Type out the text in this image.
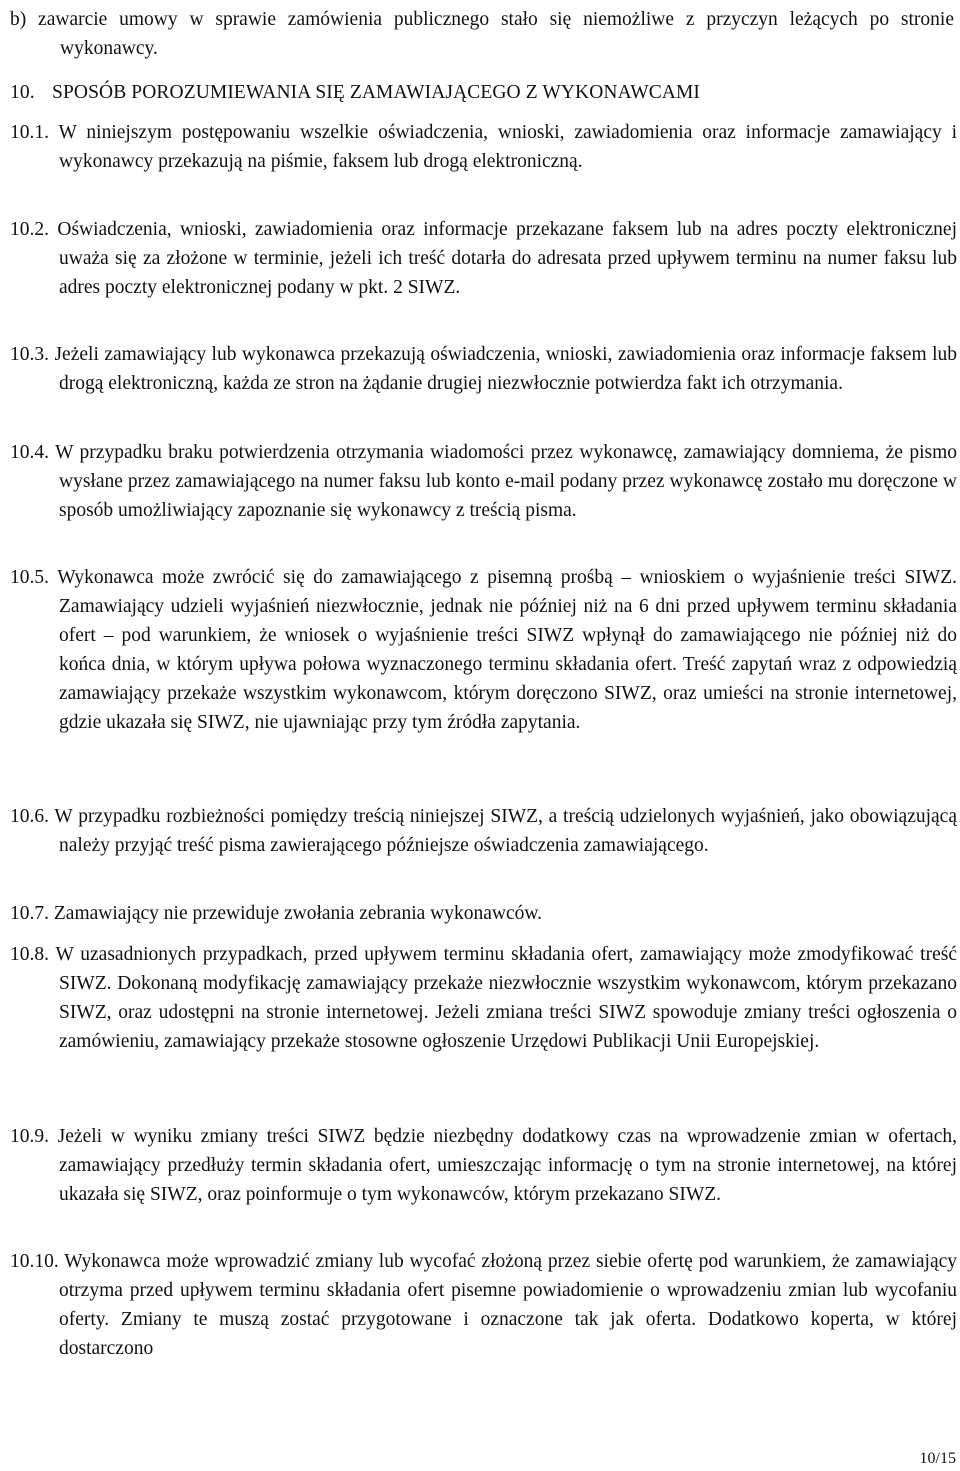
b) zawarcie umowy w sprawie zamówienia publicznego stało się niemożliwe z przyczyn leżących po stronie wykonawcy.

10. SPOSÓB POROZUMIEWANIA SIĘ ZAMAWIAJĄCEGO Z WYKONAWCAMI

10.1. W niniejszym postępowaniu wszelkie oświadczenia, wnioski, zawiadomienia oraz informacje zamawiający i wykonawcy przekazują na piśmie, faksem lub drogą elektroniczną.

10.2. Oświadczenia, wnioski, zawiadomienia oraz informacje przekazane faksem lub na adres poczty elektronicznej uważa się za złożone w terminie, jeżeli ich treść dotarła do adresata przed upływem terminu na numer faksu lub adres poczty elektronicznej podany w pkt. 2 SIWZ.

10.3. Jeżeli zamawiający lub wykonawca przekazują oświadczenia, wnioski, zawiadomienia oraz informacje faksem lub drogą elektroniczną, każda ze stron na żądanie drugiej niezwłocznie potwierdza fakt ich otrzymania.

10.4. W przypadku braku potwierdzenia otrzymania wiadomości przez wykonawcę, zamawiający domniema, że pismo wysłane przez zamawiającego na numer faksu lub konto e-mail podany przez wykonawcę zostało mu doręczone w sposób umożliwiający zapoznanie się wykonawcy z treścią pisma.

10.5. Wykonawca może zwrócić się do zamawiającego z pisemną prośbą – wnioskiem o wyjaśnienie treści SIWZ. Zamawiający udzieli wyjaśnień niezwłocznie, jednak nie później niż na 6 dni przed upływem terminu składania ofert – pod warunkiem, że wniosek o wyjaśnienie treści SIWZ wpłynął do zamawiającego nie później niż do końca dnia, w którym upływa połowa wyznaczonego terminu składania ofert. Treść zapytań wraz z odpowiedzią zamawiający przekaże wszystkim wykonawcom, którym doręczono SIWZ, oraz umieści na stronie internetowej, gdzie ukazała się SIWZ, nie ujawniając przy tym źródła zapytania.

10.6. W przypadku rozbieżności pomiędzy treścią niniejszej SIWZ, a treścią udzielonych wyjaśnień, jako obowiązującą należy przyjąć treść pisma zawierającego późniejsze oświadczenia zamawiającego.

10.7. Zamawiający nie przewiduje zwołania zebrania wykonawców.

10.8. W uzasadnionych przypadkach, przed upływem terminu składania ofert, zamawiający może zmodyfikować treść SIWZ. Dokonaną modyfikację zamawiający przekaże niezwłocznie wszystkim wykonawcom, którym przekazano SIWZ, oraz udostępni na stronie internetowej. Jeżeli zmiana treści SIWZ spowoduje zmiany treści ogłoszenia o zamówieniu, zamawiający przekaże stosowne ogłoszenie Urzędowi Publikacji Unii Europejskiej.

10.9. Jeżeli w wyniku zmiany treści SIWZ będzie niezbędny dodatkowy czas na wprowadzenie zmian w ofertach, zamawiający przedłuży termin składania ofert, umieszczając informację o tym na stronie internetowej, na której ukazała się SIWZ, oraz poinformuje o tym wykonawców, którym przekazano SIWZ.

10.10. Wykonawca może wprowadzić zmiany lub wycofać złożoną przez siebie ofertę pod warunkiem, że zamawiający otrzyma przed upływem terminu składania ofert pisemne powiadomienie o wprowadzeniu zmian lub wycofaniu oferty. Zmiany te muszą zostać przygotowane i oznaczone tak jak oferta. Dodatkowo koperta, w której dostarczono

10/15
